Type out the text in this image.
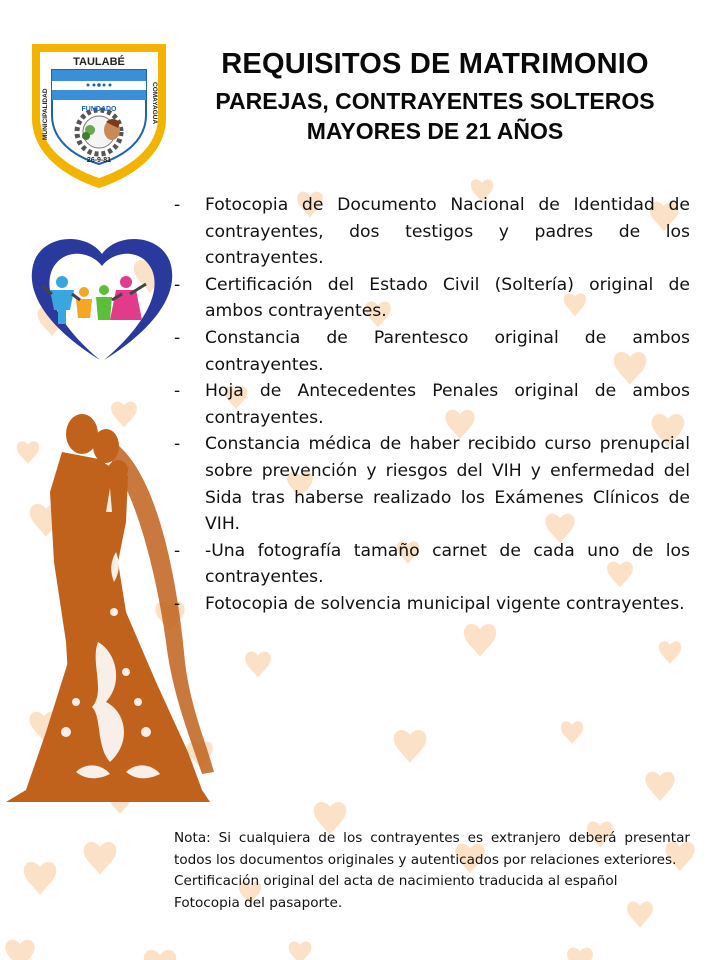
TAULABÉ
FUNDADO
26-9-81
MUNICIPALIDAD	COMAYAGUA
REQUISITOS DE MATRIMONIO
PAREJAS, CONTRAYENTES SOLTEROS
MAYORES DE 21 AÑOS
- Fotocopia de Documento Nacional de Identidad de contrayentes, dos testigos y padres de los contrayentes.
- Certificación del Estado Civil (Soltería) original de ambos contrayentes.
- Constancia de Parentesco original de ambos contrayentes.
- Hoja de Antecedentes Penales original de ambos contrayentes.
- Constancia médica de haber recibido curso prenupcial sobre prevención y riesgos del VIH y enfermedad del Sida tras haberse realizado los Exámenes Clínicos de VIH.
- -Una fotografía tamaño carnet de cada uno de los contrayentes.
- Fotocopia de solvencia municipal vigente contrayentes.

Nota: Si cualquiera de los contrayentes es extranjero deberá presentar todos los documentos originales y autenticados por relaciones exteriores.

Certificación original del acta de nacimiento traducida al español

Fotocopia del pasaporte.
